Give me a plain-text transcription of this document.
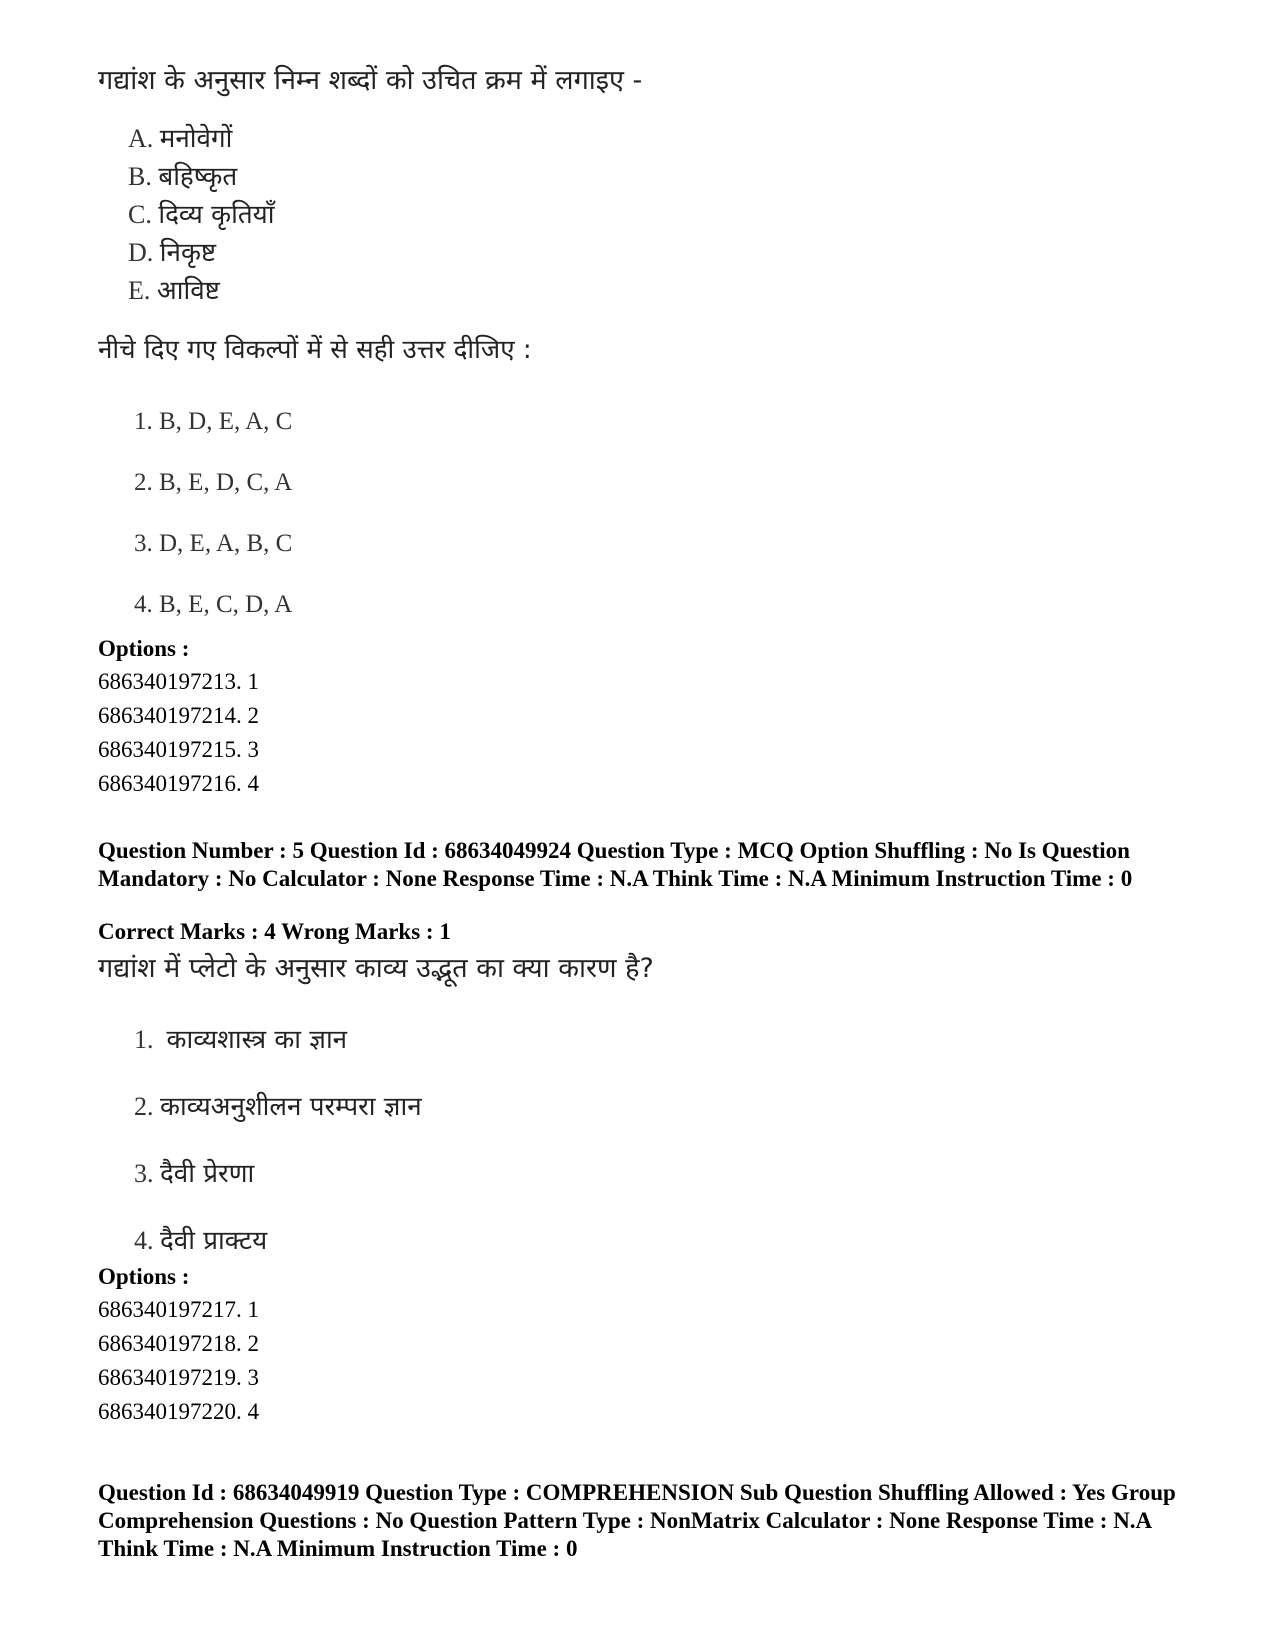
गद्यांश के अनुसार निम्न शब्दों को उचित क्रम में लगाइए -

A. मनोवेगों
B. बहिष्कृत
C. दिव्य कृतियाँ
D. निकृष्ट
E. आविष्ट

नीचे दिए गए विकल्पों में से सही उत्तर दीजिए :

1. B, D, E, A, C
2. B, E, D, C, A
3. D, E, A, B, C
4. B, E, C, D, A
Options :
686340197213. 1
686340197214. 2
686340197215. 3
686340197216. 4
Question Number : 5 Question Id : 68634049924 Question Type : MCQ Option Shuffling : No Is Question Mandatory : No Calculator : None Response Time : N.A Think Time : N.A Minimum Instruction Time : 0
Correct Marks : 4 Wrong Marks : 1

गद्यांश में प्लेटो के अनुसार काव्य उद्भूत का क्या कारण है?

1. काव्यशास्त्र का ज्ञान
2. काव्यअनुशीलन परम्परा ज्ञान
3. दैवी प्रेरणा
4. दैवी प्राक्टय
Options :
686340197217. 1
686340197218. 2
686340197219. 3
686340197220. 4
Question Id : 68634049919 Question Type : COMPREHENSION Sub Question Shuffling Allowed : Yes Group Comprehension Questions : No Question Pattern Type : NonMatrix Calculator : None Response Time : N.A Think Time : N.A Minimum Instruction Time : 0
